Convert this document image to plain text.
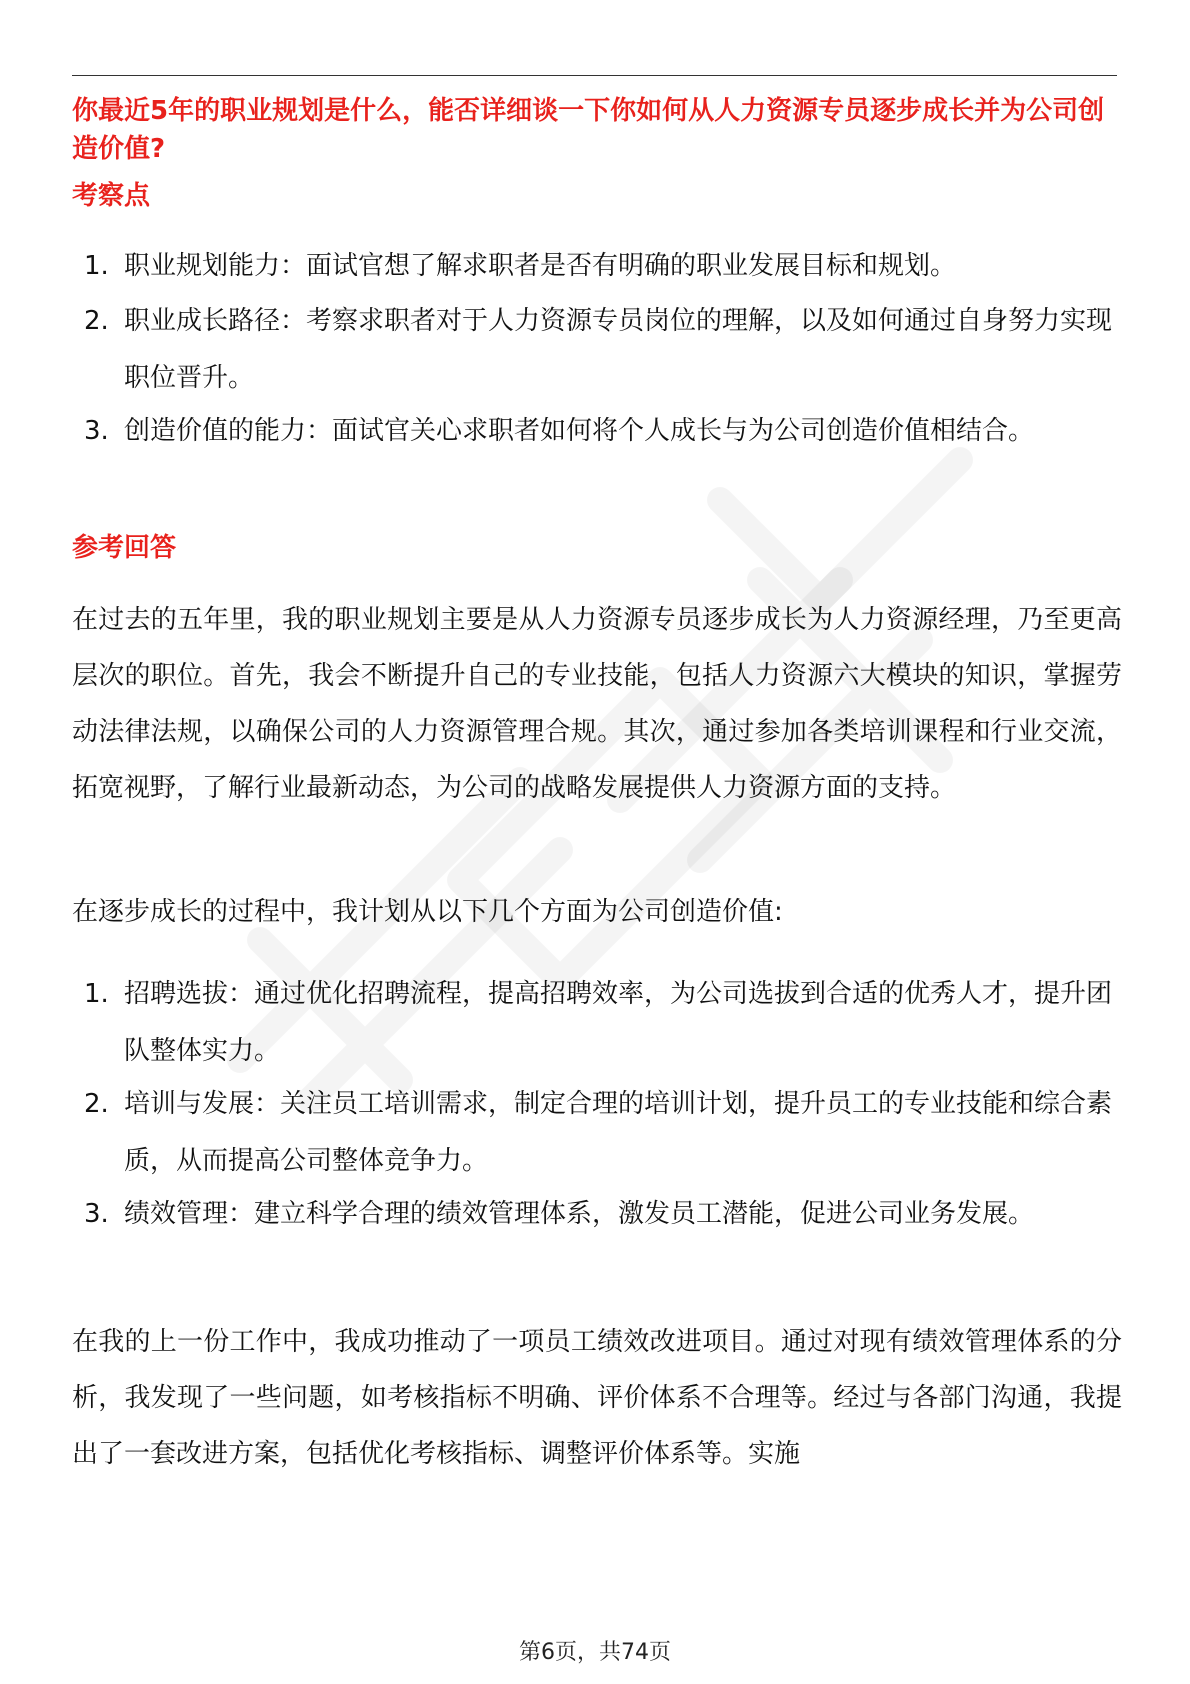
你最近5年的职业规划是什么，能否详细谈一下你如何从人力资源专员逐步成长并为公司创造价值?
考察点
1. 职业规划能力：面试官想了解求职者是否有明确的职业发展目标和规划。
2. 职业成长路径：考察求职者对于人力资源专员岗位的理解，以及如何通过自身努力实现职位晋升。
3. 创造价值的能力：面试官关心求职者如何将个人成长与为公司创造价值相结合。
参考回答

在过去的五年里，我的职业规划主要是从人力资源专员逐步成长为人力资源经理，乃至更高层次的职位。首先，我会不断提升自己的专业技能，包括人力资源六大模块的知识，掌握劳动法律法规，以确保公司的人力资源管理合规。其次，通过参加各类培训课程和行业交流，拓宽视野，了解行业最新动态，为公司的战略发展提供人力资源方面的支持。

在逐步成长的过程中，我计划从以下几个方面为公司创造价值:

1. 招聘选拔：通过优化招聘流程，提高招聘效率，为公司选拔到合适的优秀人才，提升团队整体实力。
2. 培训与发展：关注员工培训需求，制定合理的培训计划，提升员工的专业技能和综合素质，从而提高公司整体竞争力。
3. 绩效管理：建立科学合理的绩效管理体系，激发员工潜能，促进公司业务发展。

在我的上一份工作中，我成功推动了一项员工绩效改进项目。通过对现有绩效管理体系的分析，我发现了一些问题，如考核指标不明确、评价体系不合理等。经过与各部门沟通，我提出了一套改进方案，包括优化考核指标、调整评价体系等。实施

第6页，共74页
